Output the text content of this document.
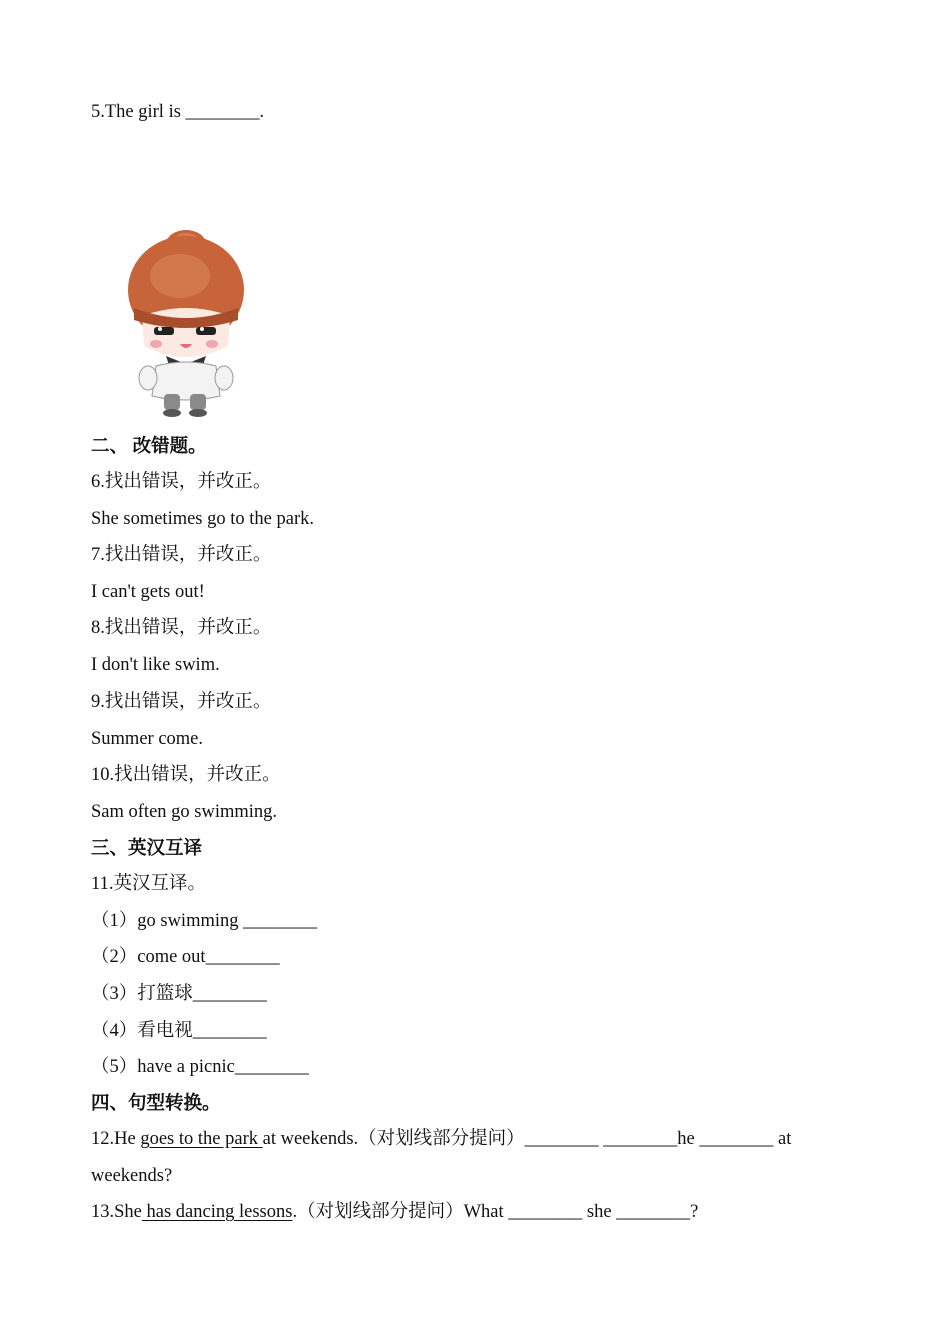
5.The girl is ________.
二、 改错题。
6.找出错误，并改正。
She sometimes go to the park.
7.找出错误，并改正。
I can't gets out!
8.找出错误，并改正。
I don't like swim.
9.找出错误，并改正。
Summer come.
10.找出错误，并改正。
Sam often go swimming.
三、英汉互译
11.英汉互译。
（1）go swimming ________
（2）come out________
（3）打篮球________
（4）看电视________
（5）have a picnic________
四、句型转换。
12.He goes to the park at weekends.（对划线部分提问）________ ________he ________ at
weekends?
13.She has dancing lessons.（对划线部分提问）What ________ she ________?
